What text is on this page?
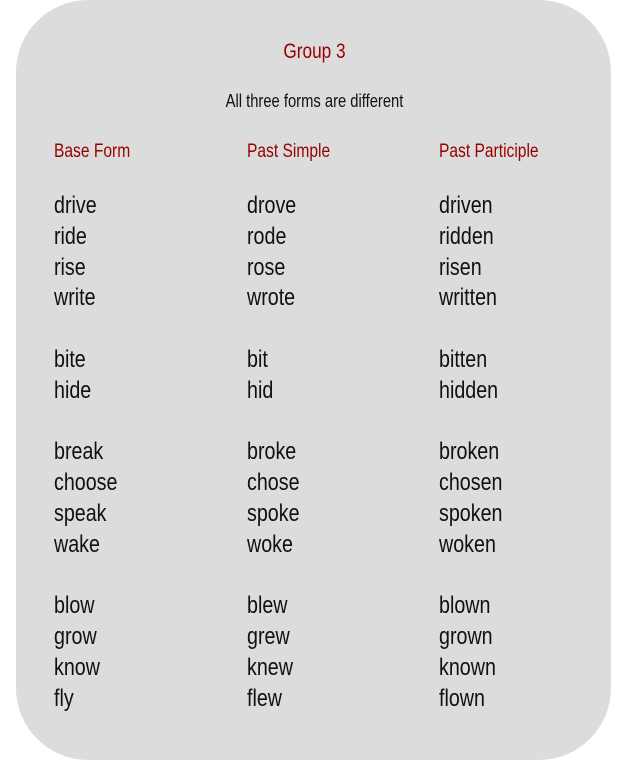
Group 3
All three forms are different
Base Form
drive
ride
rise
write
bite
hide
break
choose
speak
wake
blow
grow
know
fly
Past Simple
drove
rode
rose
wrote
bit
hid
broke
chose
spoke
woke
blew
grew
knew
flew
Past Participle
driven
ridden
risen
written
bitten
hidden
broken
chosen
spoken
woken
blown
grown
known
flown
